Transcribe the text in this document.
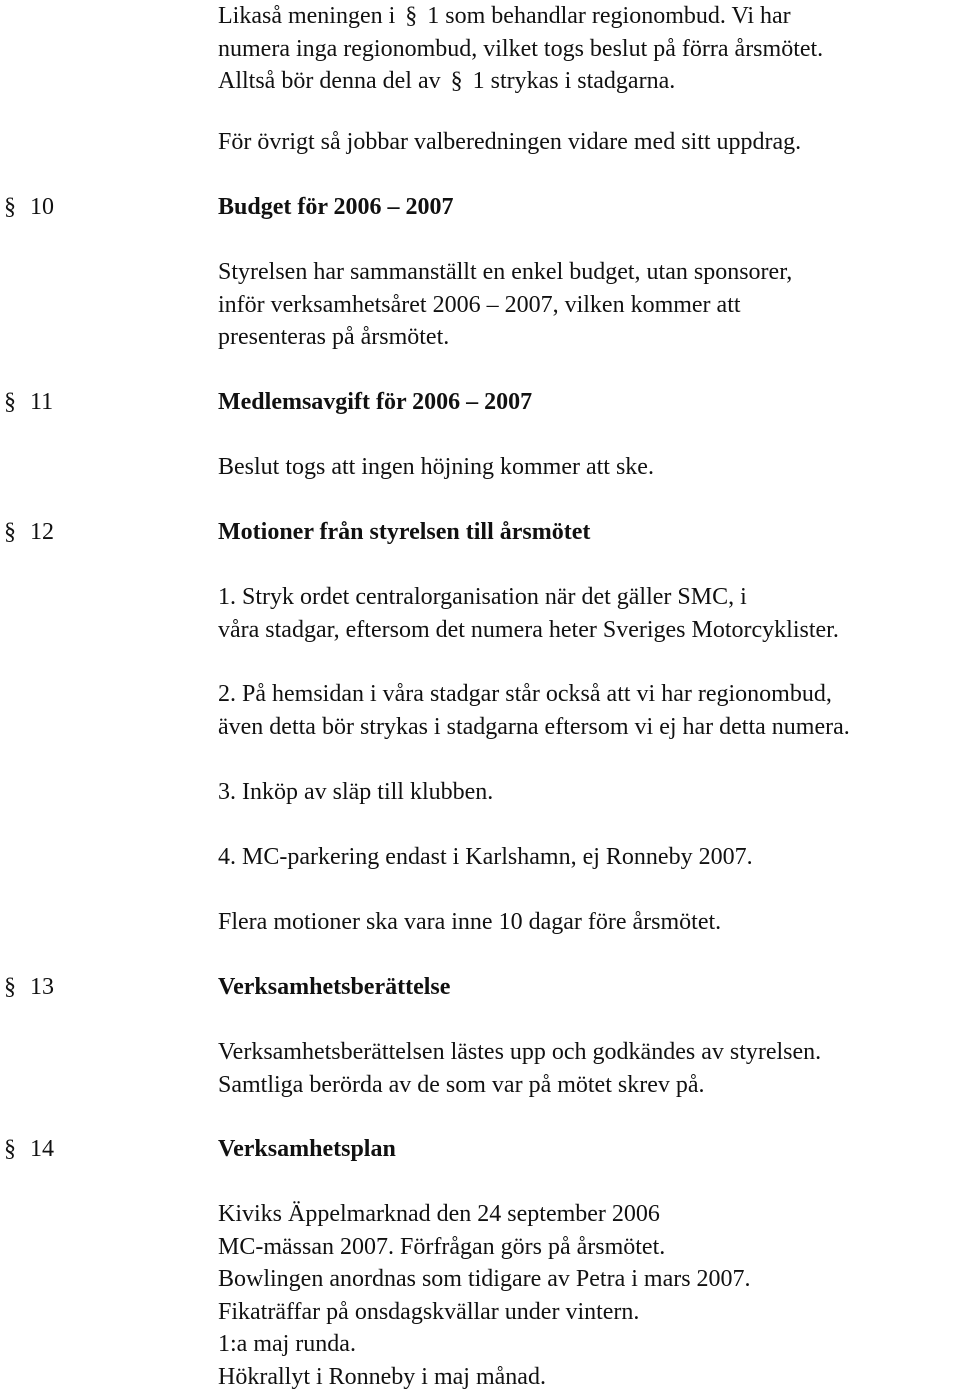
Likaså meningen i § 1 som behandlar regionombud. Vi har
numera inga regionombud, vilket togs beslut på förra årsmötet.
Alltså bör denna del av § 1 strykas i stadgarna.
För övrigt så jobbar valberedningen vidare med sitt uppdrag.
§ 10	Budget för 2006 – 2007
Styrelsen har sammanställt en enkel budget, utan sponsorer,
inför verksamhetsåret 2006 – 2007, vilken kommer att
presenteras på årsmötet.
§ 11	Medlemsavgift för 2006 – 2007
Beslut togs att ingen höjning kommer att ske.
§ 12	Motioner från styrelsen till årsmötet
1. Stryk ordet centralorganisation när det gäller SMC, i
våra stadgar, eftersom det numera heter Sveriges Motorcyklister.
2. På hemsidan i våra stadgar står också att vi har regionombud,
även detta bör strykas i stadgarna eftersom vi ej har detta numera.
3. Inköp av släp till klubben.
4. MC-parkering endast i Karlshamn, ej Ronneby 2007.
Flera motioner ska vara inne 10 dagar före årsmötet.
§ 13	Verksamhetsberättelse
Verksamhetsberättelsen lästes upp och godkändes av styrelsen.
Samtliga berörda av de som var på mötet skrev på.
§ 14	Verksamhetsplan
Kiviks Äppelmarknad den 24 september 2006
MC-mässan 2007. Förfrågan görs på årsmötet.
Bowlingen anordnas som tidigare av Petra i mars 2007.
Fikaträffar på onsdagskvällar under vintern.
1:a maj runda.
Hökrallyt i Ronneby i maj månad.
